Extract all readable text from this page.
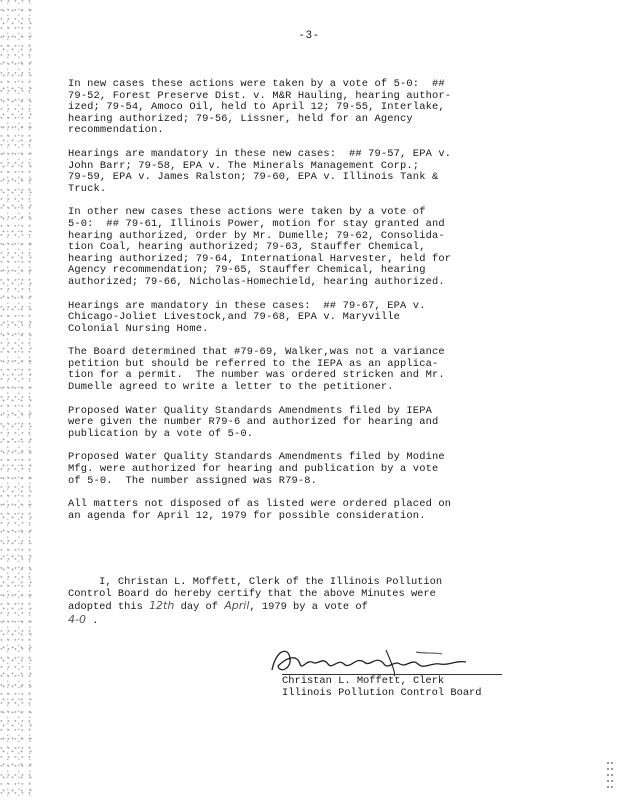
-3-

In new cases these actions were taken by a vote of 5-0:  ##
79-52, Forest Preserve Dist. v. M&R Hauling, hearing author-
ized; 79-54, Amoco Oil, held to April 12; 79-55, Interlake,
hearing authorized; 79-56, Lissner, held for an Agency
recommendation.

Hearings are mandatory in these new cases:  ## 79-57, EPA v.
John Barr; 79-58, EPA v. The Minerals Management Corp.;
79-59, EPA v. James Ralston; 79-60, EPA v. Illinois Tank &
Truck.

In other new cases these actions were taken by a vote of
5-0:  ## 79-61, Illinois Power, motion for stay granted and
hearing authorized, Order by Mr. Dumelle; 79-62, Consolida-
tion Coal, hearing authorized; 79-63, Stauffer Chemical,
hearing authorized; 79-64, International Harvester, held for
Agency recommendation; 79-65, Stauffer Chemical, hearing
authorized; 79-66, Nicholas-Homechield, hearing authorized.

Hearings are mandatory in these cases:  ## 79-67, EPA v.
Chicago-Joliet Livestock,and 79-68, EPA v. Maryville
Colonial Nursing Home.

The Board determined that #79-69, Walker,was not a variance
petition but should be referred to the IEPA as an applica-
tion for a permit.  The number was ordered stricken and Mr.
Dumelle agreed to write a letter to the petitioner.

Proposed Water Quality Standards Amendments filed by IEPA
were given the number R79-6 and authorized for hearing and
publication by a vote of 5-0.

Proposed Water Quality Standards Amendments filed by Modine
Mfg. were authorized for hearing and publication by a vote
of 5-0.  The number assigned was R79-8.

All matters not disposed of as listed were ordered placed on
an agenda for April 12, 1979 for possible consideration.

I, Christan L. Moffett, Clerk of the Illinois Pollution
Control Board do hereby certify that the above Minutes were
adopted this 12th day of April, 1979 by a vote of
4-0 .
Christan L. Moffett, Clerk
Illinois Pollution Control Board
